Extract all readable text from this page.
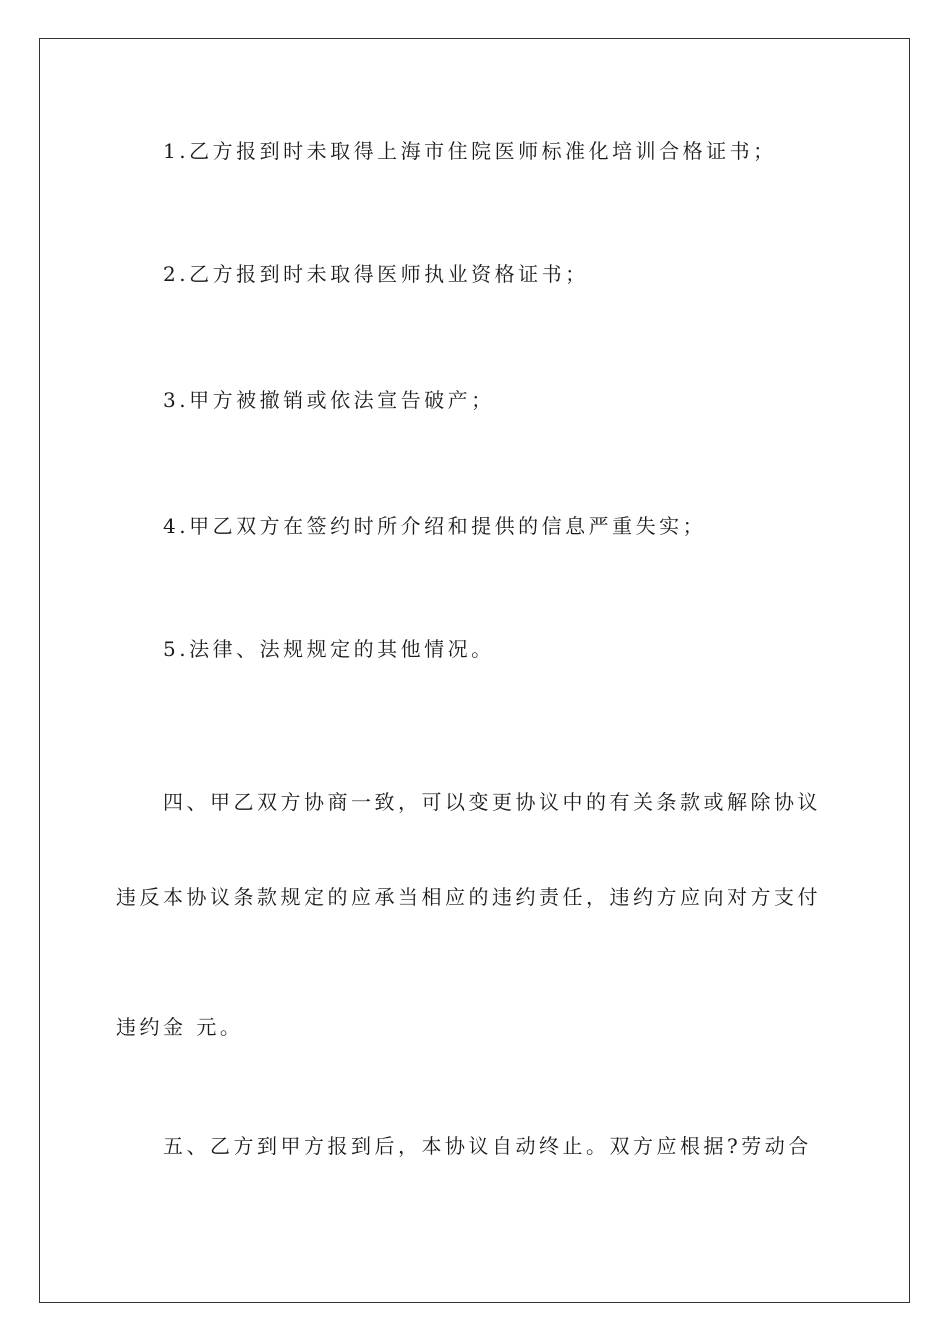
1.乙方报到时未取得上海市住院医师标准化培训合格证书；
2.乙方报到时未取得医师执业资格证书；
3.甲方被撤销或依法宣告破产；
4.甲乙双方在签约时所介绍和提供的信息严重失实；
5.法律、法规规定的其他情况。
四、甲乙双方协商一致，可以变更协议中的有关条款或解除协议
违反本协议条款规定的应承当相应的违约责任，违约方应向对方支付
违约金 元。
五、乙方到甲方报到后，本协议自动终止。双方应根据?劳动合
